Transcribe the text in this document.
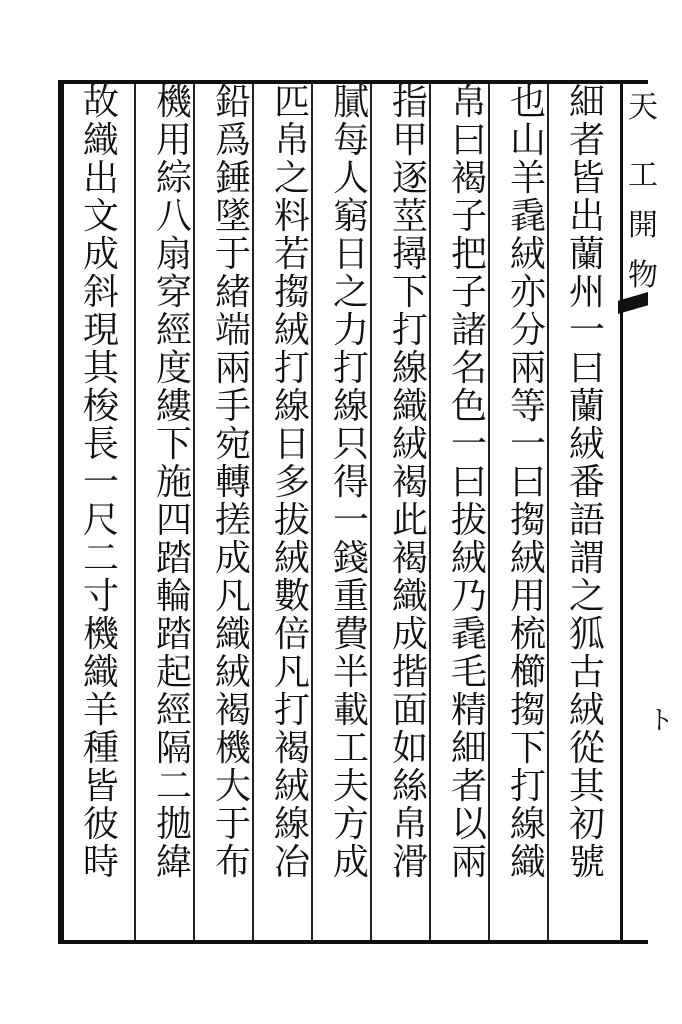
天
工
開
物
ト
細者皆出蘭州一曰蘭絨番語謂之狐古絨從其初號
也山羊毳絨亦分兩等一曰搊絨用梳櫛搊下打線織
帛曰褐子把子諸名色一曰拔絨乃毳毛精細者以兩
指甲逐莖撏下打線織絨褐此褐織成揩面如絲帛滑
膩每人窮日之力打線只得一錢重費半載工夫方成
匹帛之料若搊絨打線日多拔絨數倍凡打褐絨線冶
鉛爲錘墜于緒端兩手宛轉搓成凡織絨褐機大于布
機用綜八扇穿經度縷下施四踏輪踏起經隔二拋緯
故織出文成斜現其梭長一尺二寸機織羊種皆彼時
